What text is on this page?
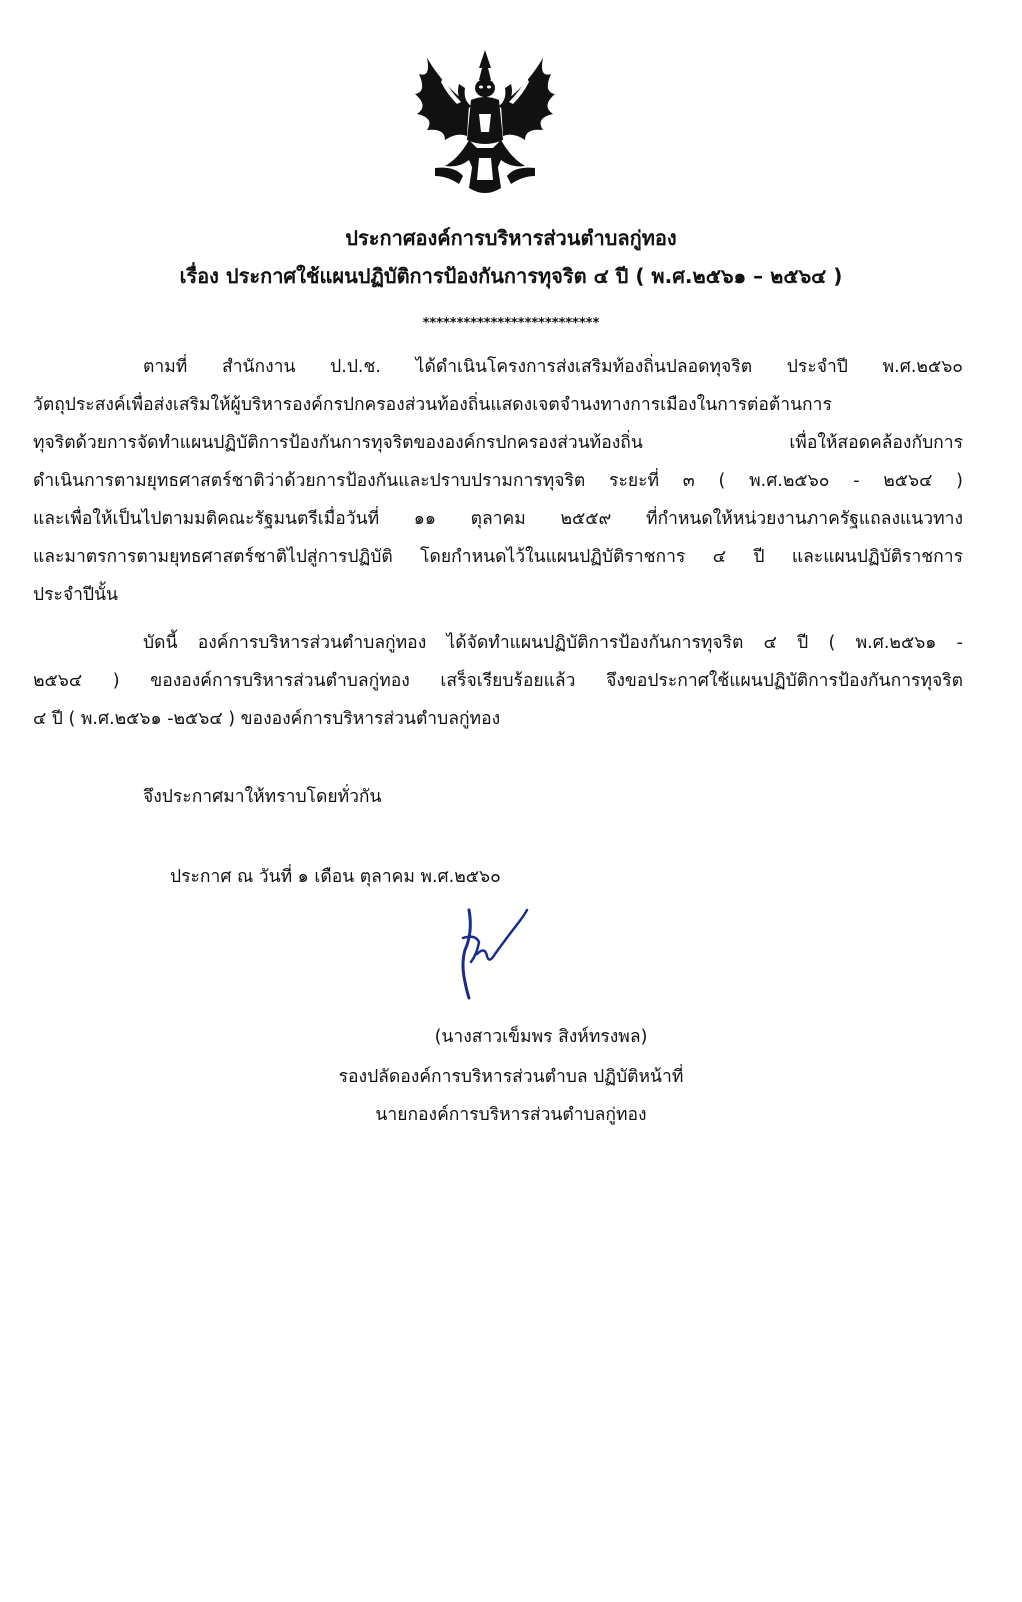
ประกาศองค์การบริหารส่วนตำบลกู่ทอง
เรื่อง ประกาศใช้แผนปฏิบัติการป้องกันการทุจริต ๔ ปี ( พ.ศ.๒๕๖๑ – ๒๕๖๔ )
**************************
ตามที่ สำนักงาน ป.ป.ช. ได้ดำเนินโครงการส่งเสริมท้องถิ่นปลอดทุจริต ประจำปี พ.ศ.๒๕๖๐
วัตถุประสงค์เพื่อส่งเสริมให้ผู้บริหารองค์กรปกครองส่วนท้องถิ่นแสดงเจตจำนงทางการเมืองในการต่อต้านการ
ทุจริตด้วยการจัดทำแผนปฏิบัติการป้องกันการทุจริตขององค์กรปกครองส่วนท้องถิ่น เพื่อให้สอดคล้องกับการ
ดำเนินการตามยุทธศาสตร์ชาติว่าด้วยการป้องกันและปราบปรามการทุจริต ระยะที่ ๓ ( พ.ศ.๒๕๖๐ - ๒๕๖๔ )
และเพื่อให้เป็นไปตามมติคณะรัฐมนตรีเมื่อวันที่ ๑๑ ตุลาคม ๒๕๕๙ ที่กำหนดให้หน่วยงานภาครัฐแถลงแนวทาง
และมาตรการตามยุทธศาสตร์ชาติไปสู่การปฏิบัติ โดยกำหนดไว้ในแผนปฏิบัติราชการ ๔ ปี และแผนปฏิบัติราชการ
ประจำปีนั้น
บัดนี้ องค์การบริหารส่วนตำบลกู่ทอง ได้จัดทำแผนปฏิบัติการป้องกันการทุจริต ๔ ปี ( พ.ศ.๒๕๖๑ -
๒๕๖๔ ) ขององค์การบริหารส่วนตำบลกู่ทอง เสร็จเรียบร้อยแล้ว จึงขอประกาศใช้แผนปฏิบัติการป้องกันการทุจริต
๔ ปี ( พ.ศ.๒๕๖๑ -๒๕๖๔ ) ขององค์การบริหารส่วนตำบลกู่ทอง
จึงประกาศมาให้ทราบโดยทั่วกัน
ประกาศ ณ วันที่ ๑ เดือน ตุลาคม พ.ศ.๒๕๖๐
(นางสาวเข็มพร สิงห์ทรงพล)
รองปลัดองค์การบริหารส่วนตำบล ปฏิบัติหน้าที่
นายกองค์การบริหารส่วนตำบลกู่ทอง
